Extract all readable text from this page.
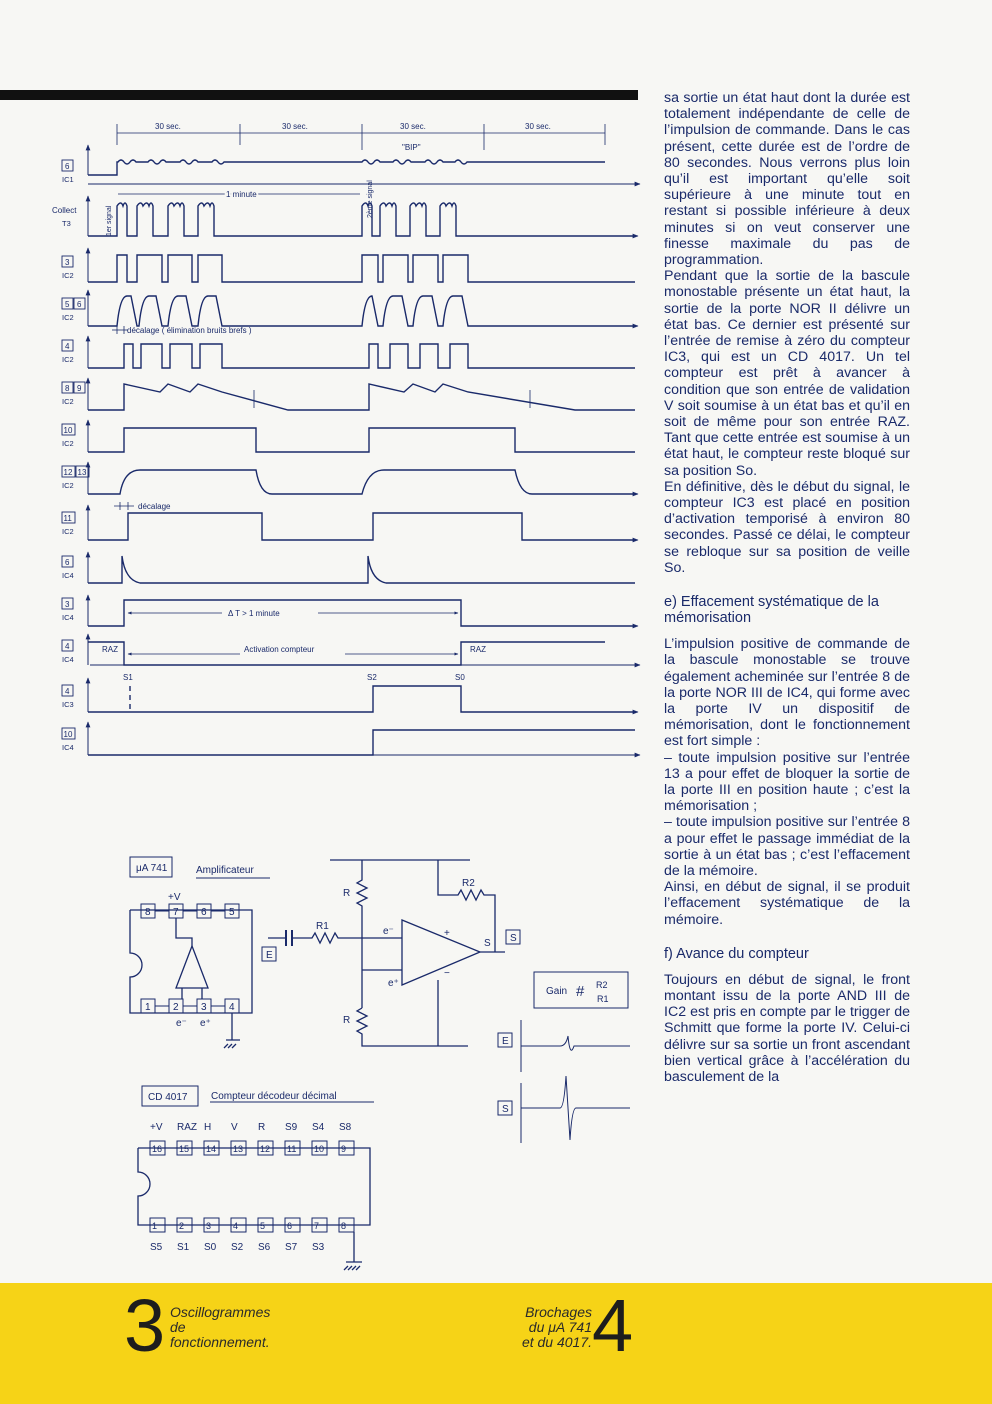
6
IC1
Collect
T3
3
IC2
5 6
IC2
4
IC2
8 9
IC2
10
IC2
12 13
IC2
11
IC2
6
IC4
3
IC4
4
IC4
4
IC3
10
IC4
30 sec.	30 sec.	30 sec.	30 sec.
"BIP"
1 minute
1er signal
2ème signal
décalage ( élimination bruits brefs )
décalage
Δ T > 1 minute
RAZ	Activation compteur	RAZ
S1	S2	S0
μA 741	Amplificateur
+V
8 7 6 5
1 2 3 4
e⁻ e⁺
R
R2
R1	e⁻	+
S
−
e⁺
R
E
S
Gain # R2
R1
E
S
CD 4017 Compteur décodeur décimal
16
1
+V
S5
15
2
RAZ
S1
14
3
H
S0
13
4
V
S2
12
5
R
S6
11
6
S9
S7
10
7
S4
S3
9
8
S8

sa sortie un état haut dont la durée est totalement indépendante de celle de l’impulsion de commande. Dans le cas présent, cette durée est de l’ordre de 80 secondes. Nous verrons plus loin qu’il est important qu’elle soit supérieure à une minute tout en restant si possible inférieure à deux minutes si on veut conserver une finesse maximale du pas de programmation.

Pendant que la sortie de la bascule monostable présente un état haut, la sortie de la porte NOR II délivre un état bas. Ce dernier est présenté sur l’entrée de remise à zéro du compteur IC3, qui est un CD 4017. Un tel compteur est prêt à avancer à condition que son entrée de validation V soit soumise à un état bas et qu’il en soit de même pour son entrée RAZ. Tant que cette entrée est soumise à un état haut, le compteur reste bloqué sur sa position So.

En définitive, dès le début du signal, le compteur IC3 est placé en position d’activation temporisé à environ 80 secondes. Passé ce délai, le compteur se rebloque sur sa position de veille So.

e) Effacement systématique de la mémorisation

L’impulsion positive de commande de la bascule monostable se trouve également acheminée sur l’entrée 8 de la porte NOR III de IC4, qui forme avec la porte IV un dispositif de mémorisation, dont le fonctionnement est fort simple :

– toute impulsion positive sur l’entrée 13 a pour effet de bloquer la sortie de la porte III en position haute ; c’est la mémorisation ;

– toute impulsion positive sur l’entrée 8 a pour effet le passage immédiat de la sortie à un état bas ; c’est l’effacement de la mémoire.

Ainsi, en début de signal, il se produit l’effacement systématique de la mémoire.

f) Avance du compteur

Toujours en début de signal, le front montant issu de la porte AND III de IC2 est pris en compte par le trigger de Schmitt que forme la porte IV. Celui-ci délivre sur sa sortie un front ascendant bien vertical grâce à l’accélération du basculement de la

3 Oscillogrammes
de
fonctionnement.
Brochages
du μA 741
et du 4017. 4
